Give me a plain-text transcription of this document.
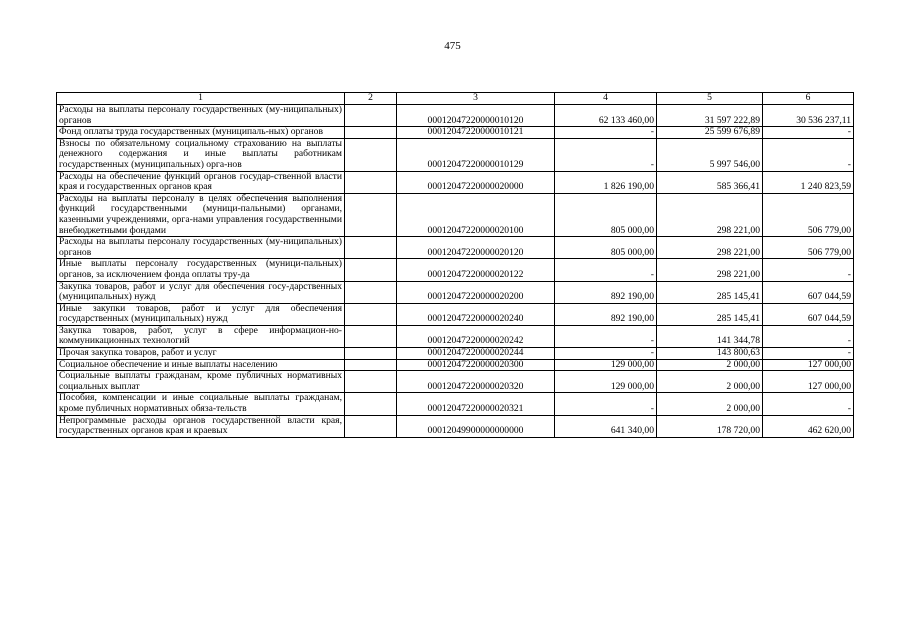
475
1	2	3	4	5	6
Расходы на выплаты персоналу государственных (му-ниципальных) органов		00012047220000010120	62 133 460,00	31 597 222,89	30 536 237,11
Фонд оплаты труда государственных (муниципаль-ных) органов		00012047220000010121	-	25 599 676,89	-
Взносы по обязательному социальному страхованию на выплаты денежного содержания и иные выплаты работникам государственных (муниципальных) орга-нов		00012047220000010129	-	5 997 546,00	-
Расходы на обеспечение функций органов государ-ственной власти края и государственных органов края		00012047220000020000	1 826 190,00	585 366,41	1 240 823,59
Расходы на выплаты персоналу в целях обеспечения выполнения функций государственными (муници-пальными) органами, казенными учреждениями, орга-нами управления государственными внебюджетными фондами		00012047220000020100	805 000,00	298 221,00	506 779,00
Расходы на выплаты персоналу государственных (му-ниципальных) органов		00012047220000020120	805 000,00	298 221,00	506 779,00
Иные выплаты персоналу государственных (муници-пальных) органов, за исключением фонда оплаты тру-да		00012047220000020122	-	298 221,00	-
Закупка товаров, работ и услуг для обеспечения госу-дарственных (муниципальных) нужд		00012047220000020200	892 190,00	285 145,41	607 044,59
Иные закупки товаров, работ и услуг для обеспечения государственных (муниципальных) нужд		00012047220000020240	892 190,00	285 145,41	607 044,59
Закупка товаров, работ, услуг в сфере информацион-но-коммуникационных технологий		00012047220000020242	-	141 344,78	-
Прочая закупка товаров, работ и услуг		00012047220000020244	-	143 800,63	-
Социальное обеспечение и иные выплаты населению		00012047220000020300	129 000,00	2 000,00	127 000,00
Социальные выплаты гражданам, кроме публичных нормативных социальных выплат		00012047220000020320	129 000,00	2 000,00	127 000,00
Пособия, компенсации и иные социальные выплаты гражданам, кроме публичных нормативных обяза-тельств		00012047220000020321	-	2 000,00	-
Непрограммные расходы органов государственной власти края, государственных органов края и краевых		00012049900000000000	641 340,00	178 720,00	462 620,00
